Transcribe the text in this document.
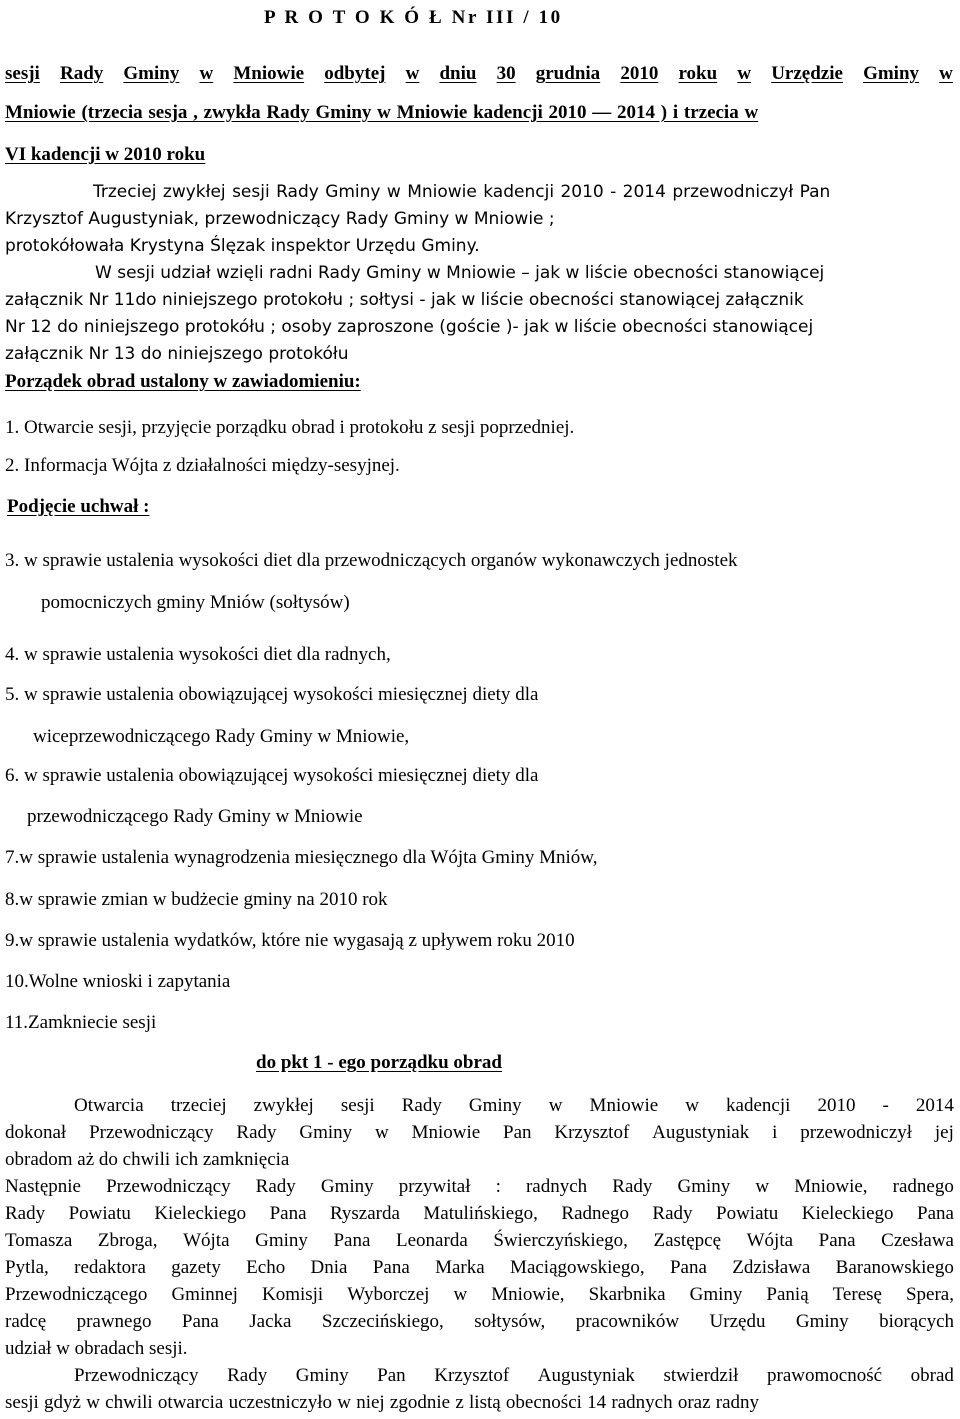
P R O T O K Ó Ł Nr III / 10
sesji Rady Gminy w Mniowie odbytej w dniu 30 grudnia 2010 roku w Urzędzie Gminy w
Mniowie (trzecia sesja , zwykła Rady Gminy w Mniowie kadencji 2010 — 2014 ) i trzecia w
VI kadencji w 2010 roku
Trzeciej zwykłej sesji Rady Gminy w Mniowie kadencji 2010 - 2014 przewodniczył Pan
Krzysztof Augustyniak, przewodniczący Rady Gminy w Mniowie ;
protokółowała Krystyna Ślęzak inspektor Urzędu Gminy.
W sesji udział wzięli radni Rady Gminy w Mniowie – jak w liście obecności stanowiącej
załącznik Nr 11do niniejszego protokołu ; sołtysi - jak w liście obecności stanowiącej załącznik
Nr 12 do niniejszego protokółu ; osoby zaproszone (goście )- jak w liście obecności stanowiącej
załącznik Nr 13 do niniejszego protokółu
Porządek obrad ustalony w zawiadomieniu:
1. Otwarcie sesji, przyjęcie porządku obrad i protokołu z sesji poprzedniej.
2. Informacja Wójta z działalności między-sesyjnej.
Podjęcie uchwał :
3. w sprawie ustalenia wysokości diet dla przewodniczących organów wykonawczych jednostek
pomocniczych gminy Mniów (sołtysów)
4. w sprawie ustalenia wysokości diet dla radnych,
5. w sprawie ustalenia obowiązującej wysokości miesięcznej diety dla
wiceprzewodniczącego Rady Gminy w Mniowie,
6. w sprawie ustalenia obowiązującej wysokości miesięcznej diety dla
przewodniczącego Rady Gminy w Mniowie
7.w sprawie ustalenia wynagrodzenia miesięcznego dla Wójta Gminy Mniów,
8.w sprawie zmian w budżecie gminy na 2010 rok
9.w sprawie ustalenia wydatków, które nie wygasają z upływem roku 2010
10.Wolne wnioski i zapytania
11.Zamkniecie sesji
do pkt 1 - ego porządku obrad
Otwarcia trzeciej zwykłej sesji Rady Gminy w Mniowie w kadencji 2010 - 2014
dokonał Przewodniczący Rady Gminy w Mniowie Pan Krzysztof Augustyniak i przewodniczył jej
obradom aż do chwili ich zamknięcia
Następnie Przewodniczący Rady Gminy przywitał : radnych Rady Gminy w Mniowie, radnego
Rady Powiatu Kieleckiego Pana Ryszarda Matulińskiego, Radnego Rady Powiatu Kieleckiego Pana
Tomasza Zbroga, Wójta Gminy Pana Leonarda Świerczyńskiego, Zastępcę Wójta Pana Czesława
Pytla, redaktora gazety Echo Dnia Pana Marka Maciągowskiego, Pana Zdzisława Baranowskiego
Przewodniczącego Gminnej Komisji Wyborczej w Mniowie, Skarbnika Gminy Panią Teresę Spera,
radcę prawnego Pana Jacka Szczecińskiego, sołtysów, pracowników Urzędu Gminy biorących
udział w obradach sesji.
Przewodniczący Rady Gminy Pan Krzysztof Augustyniak stwierdził prawomocność obrad
sesji gdyż w chwili otwarcia uczestniczyło w niej zgodnie z listą obecności 14 radnych oraz radny
